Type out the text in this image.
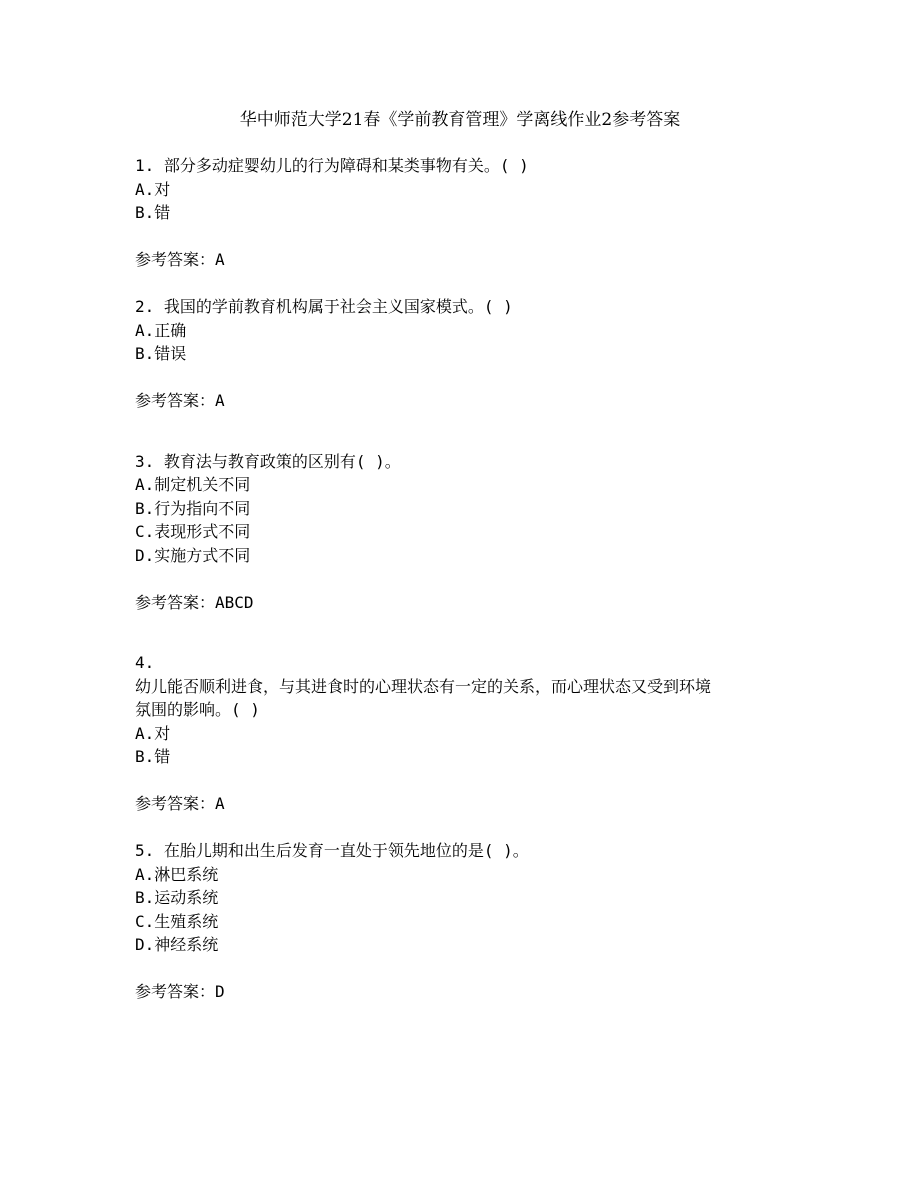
华中师范大学21春《学前教育管理》学离线作业2参考答案
1. 部分多动症婴幼儿的行为障碍和某类事物有关。( )
A.对
B.错
参考答案：A
2. 我国的学前教育机构属于社会主义国家模式。( )
A.正确
B.错误
参考答案：A
3. 教育法与教育政策的区别有( )。
A.制定机关不同
B.行为指向不同
C.表现形式不同
D.实施方式不同
参考答案：ABCD
4.
幼儿能否顺利进食，与其进食时的心理状态有一定的关系，而心理状态又受到环境
氛围的影响。( )
A.对
B.错
参考答案：A
5. 在胎儿期和出生后发育一直处于领先地位的是( )。
A.淋巴系统
B.运动系统
C.生殖系统
D.神经系统
参考答案：D
